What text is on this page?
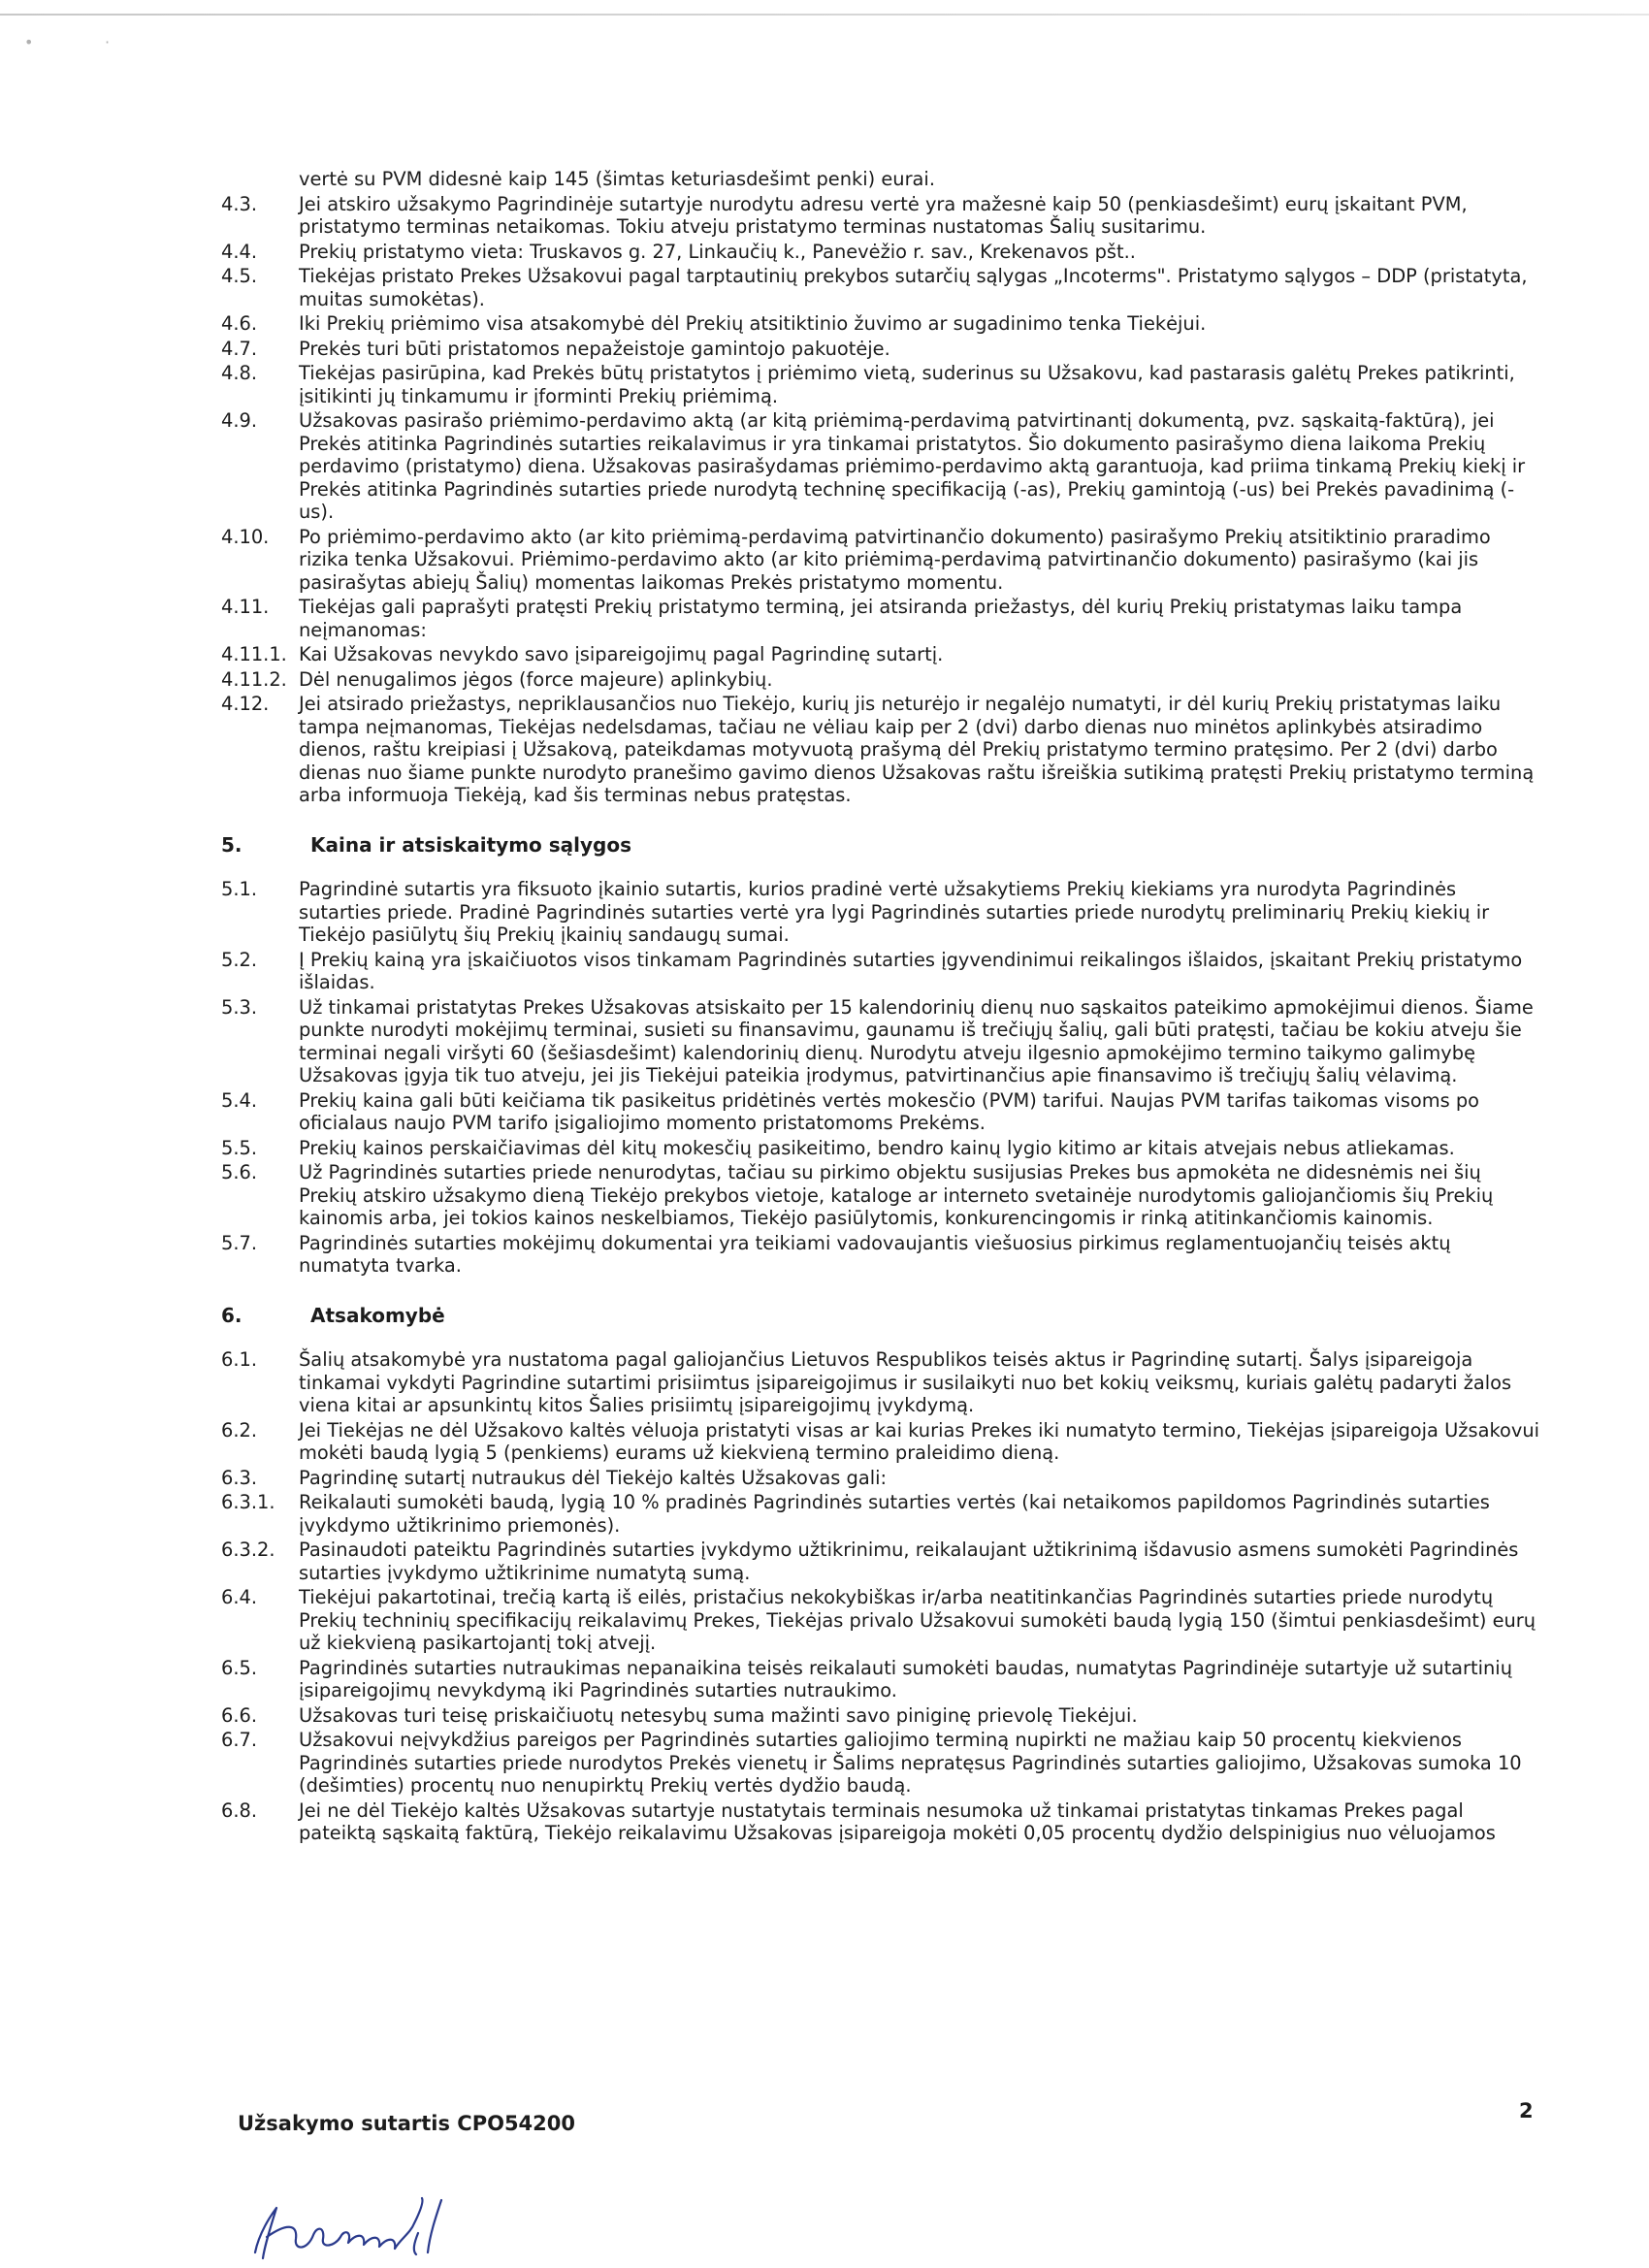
•	·
vertė su PVM didesnė kaip 145 (šimtas keturiasdešimt penki) eurai.
4.3.	Jei atskiro užsakymo Pagrindinėje sutartyje nurodytu adresu vertė yra mažesnė kaip 50 (penkiasdešimt) eurų įskaitant PVM, pristatymo terminas netaikomas. Tokiu atveju pristatymo terminas nustatomas Šalių susitarimu.
4.4.	Prekių pristatymo vieta: Truskavos g. 27, Linkaučių k., Panevėžio r. sav., Krekenavos pšt..
4.5.	Tiekėjas pristato Prekes Užsakovui pagal tarptautinių prekybos sutarčių sąlygas „Incoterms". Pristatymo sąlygos – DDP (pristatyta, muitas sumokėtas).
4.6.	Iki Prekių priėmimo visa atsakomybė dėl Prekių atsitiktinio žuvimo ar sugadinimo tenka Tiekėjui.
4.7.	Prekės turi būti pristatomos nepažeistoje gamintojo pakuotėje.
4.8.	Tiekėjas pasirūpina, kad Prekės būtų pristatytos į priėmimo vietą, suderinus su Užsakovu, kad pastarasis galėtų Prekes patikrinti, įsitikinti jų tinkamumu ir įforminti Prekių priėmimą.
4.9.	Užsakovas pasirašo priėmimo-perdavimo aktą (ar kitą priėmimą-perdavimą patvirtinantį dokumentą, pvz. sąskaitą-faktūrą), jei Prekės atitinka Pagrindinės sutarties reikalavimus ir yra tinkamai pristatytos. Šio dokumento pasirašymo diena laikoma Prekių perdavimo (pristatymo) diena. Užsakovas pasirašydamas priėmimo-perdavimo aktą garantuoja, kad priima tinkamą Prekių kiekį ir Prekės atitinka Pagrindinės sutarties priede nurodytą techninę specifikaciją (-as), Prekių gamintoją (-us) bei Prekės pavadinimą (-us).
4.10.	Po priėmimo-perdavimo akto (ar kito priėmimą-perdavimą patvirtinančio dokumento) pasirašymo Prekių atsitiktinio praradimo rizika tenka Užsakovui. Priėmimo-perdavimo akto (ar kito priėmimą-perdavimą patvirtinančio dokumento) pasirašymo (kai jis pasirašytas abiejų Šalių) momentas laikomas Prekės pristatymo momentu.
4.11.	Tiekėjas gali paprašyti pratęsti Prekių pristatymo terminą, jei atsiranda priežastys, dėl kurių Prekių pristatymas laiku tampa neįmanomas:
4.11.1. Kai Užsakovas nevykdo savo įsipareigojimų pagal Pagrindinę sutartį.
4.11.2. Dėl nenugalimos jėgos (force majeure) aplinkybių.
4.12.	Jei atsirado priežastys, nepriklausančios nuo Tiekėjo, kurių jis neturėjo ir negalėjo numatyti, ir dėl kurių Prekių pristatymas laiku tampa neįmanomas, Tiekėjas nedelsdamas, tačiau ne vėliau kaip per 2 (dvi) darbo dienas nuo minėtos aplinkybės atsiradimo dienos, raštu kreipiasi į Užsakovą, pateikdamas motyvuotą prašymą dėl Prekių pristatymo termino pratęsimo. Per 2 (dvi) darbo dienas nuo šiame punkte nurodyto pranešimo gavimo dienos Užsakovas raštu išreiškia sutikimą pratęsti Prekių pristatymo terminą arba informuoja Tiekėją, kad šis terminas nebus pratęstas.
5.	Kaina ir atsiskaitymo sąlygos
5.1.	Pagrindinė sutartis yra fiksuoto įkainio sutartis, kurios pradinė vertė užsakytiems Prekių kiekiams yra nurodyta Pagrindinės sutarties priede. Pradinė Pagrindinės sutarties vertė yra lygi Pagrindinės sutarties priede nurodytų preliminarių Prekių kiekių ir Tiekėjo pasiūlytų šių Prekių įkainių sandaugų sumai.
5.2.	Į Prekių kainą yra įskaičiuotos visos tinkamam Pagrindinės sutarties įgyvendinimui reikalingos išlaidos, įskaitant Prekių pristatymo išlaidas.
5.3.	Už tinkamai pristatytas Prekes Užsakovas atsiskaito per 15 kalendorinių dienų nuo sąskaitos pateikimo apmokėjimui dienos. Šiame punkte nurodyti mokėjimų terminai, susieti su finansavimu, gaunamu iš trečiųjų šalių, gali būti pratęsti, tačiau be kokiu atveju šie terminai negali viršyti 60 (šešiasdešimt) kalendorinių dienų. Nurodytu atveju ilgesnio apmokėjimo termino taikymo galimybę Užsakovas įgyja tik tuo atveju, jei jis Tiekėjui pateikia įrodymus, patvirtinančius apie finansavimo iš trečiųjų šalių vėlavimą.
5.4.	Prekių kaina gali būti keičiama tik pasikeitus pridėtinės vertės mokesčio (PVM) tarifui. Naujas PVM tarifas taikomas visoms po oficialaus naujo PVM tarifo įsigaliojimo momento pristatomoms Prekėms.
5.5.	Prekių kainos perskaičiavimas dėl kitų mokesčių pasikeitimo, bendro kainų lygio kitimo ar kitais atvejais nebus atliekamas.
5.6.	Už Pagrindinės sutarties priede nenurodytas, tačiau su pirkimo objektu susijusias Prekes bus apmokėta ne didesnėmis nei šių Prekių atskiro užsakymo dieną Tiekėjo prekybos vietoje, kataloge ar interneto svetainėje nurodytomis galiojančiomis šių Prekių kainomis arba, jei tokios kainos neskelbiamos, Tiekėjo pasiūlytomis, konkurencingomis ir rinką atitinkančiomis kainomis.
5.7.	Pagrindinės sutarties mokėjimų dokumentai yra teikiami vadovaujantis viešuosius pirkimus reglamentuojančių teisės aktų numatyta tvarka.
6.	Atsakomybė
6.1.	Šalių atsakomybė yra nustatoma pagal galiojančius Lietuvos Respublikos teisės aktus ir Pagrindinę sutartį. Šalys įsipareigoja tinkamai vykdyti Pagrindine sutartimi prisiimtus įsipareigojimus ir susilaikyti nuo bet kokių veiksmų, kuriais galėtų padaryti žalos viena kitai ar apsunkintų kitos Šalies prisiimtų įsipareigojimų įvykdymą.
6.2.	Jei Tiekėjas ne dėl Užsakovo kaltės vėluoja pristatyti visas ar kai kurias Prekes iki numatyto termino, Tiekėjas įsipareigoja Užsakovui mokėti baudą lygią 5 (penkiems) eurams už kiekvieną termino praleidimo dieną.
6.3.	Pagrindinę sutartį nutraukus dėl Tiekėjo kaltės Užsakovas gali:
6.3.1.	Reikalauti sumokėti baudą, lygią 10 % pradinės Pagrindinės sutarties vertės (kai netaikomos papildomos Pagrindinės sutarties įvykdymo užtikrinimo priemonės).
6.3.2.	Pasinaudoti pateiktu Pagrindinės sutarties įvykdymo užtikrinimu, reikalaujant užtikrinimą išdavusio asmens sumokėti Pagrindinės sutarties įvykdymo užtikrinime numatytą sumą.
6.4.	Tiekėjui pakartotinai, trečią kartą iš eilės, pristačius nekokybiškas ir/arba neatitinkančias Pagrindinės sutarties priede nurodytų Prekių techninių specifikacijų reikalavimų Prekes, Tiekėjas privalo Užsakovui sumokėti baudą lygią 150 (šimtui penkiasdešimt) eurų už kiekvieną pasikartojantį tokį atvejį.
6.5.	Pagrindinės sutarties nutraukimas nepanaikina teisės reikalauti sumokėti baudas, numatytas Pagrindinėje sutartyje už sutartinių įsipareigojimų nevykdymą iki Pagrindinės sutarties nutraukimo.
6.6.	Užsakovas turi teisę priskaičiuotų netesybų suma mažinti savo piniginę prievolę Tiekėjui.
6.7.	Užsakovui neįvykdžius pareigos per Pagrindinės sutarties galiojimo terminą nupirkti ne mažiau kaip 50 procentų kiekvienos Pagrindinės sutarties priede nurodytos Prekės vienetų ir Šalims nepratęsus Pagrindinės sutarties galiojimo, Užsakovas sumoka 10 (dešimties) procentų nuo nenupirktų Prekių vertės dydžio baudą.
6.8.	Jei ne dėl Tiekėjo kaltės Užsakovas sutartyje nustatytais terminais nesumoka už tinkamai pristatytas tinkamas Prekes pagal pateiktą sąskaitą faktūrą, Tiekėjo reikalavimu Užsakovas įsipareigoja mokėti 0,05 procentų dydžio delspinigius nuo vėluojamos
Užsakymo sutartis CPO54200
2
